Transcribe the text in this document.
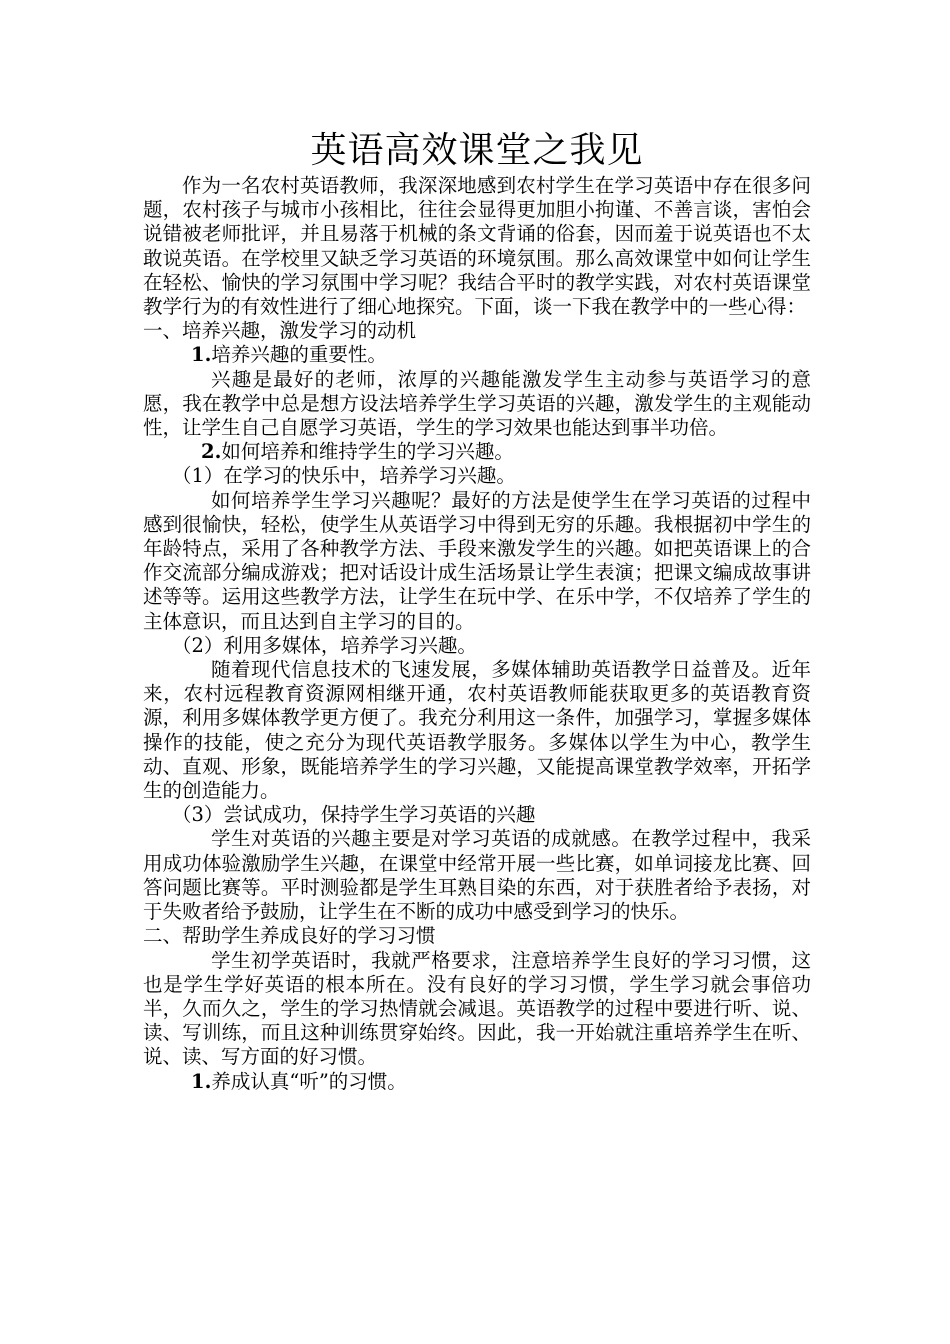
英语高效课堂之我见

作为一名农村英语教师，我深深地感到农村学生在学习英语中存在很多问题，农村孩子与城市小孩相比，往往会显得更加胆小拘谨、不善言谈，害怕会说错被老师批评，并且易落于机械的条文背诵的俗套，因而羞于说英语也不太敢说英语。在学校里又缺乏学习英语的环境氛围。那么高效课堂中如何让学生在轻松、愉快的学习氛围中学习呢？我结合平时的教学实践，对农村英语课堂教学行为的有效性进行了细心地探究。下面，谈一下我在教学中的一些心得：

一、培养兴趣，激发学习的动机

1.培养兴趣的重要性。

兴趣是最好的老师，浓厚的兴趣能激发学生主动参与英语学习的意愿，我在教学中总是想方设法培养学生学习英语的兴趣，激发学生的主观能动性，让学生自己自愿学习英语，学生的学习效果也能达到事半功倍。

2.如何培养和维持学生的学习兴趣。

（1）在学习的快乐中，培养学习兴趣。

如何培养学生学习兴趣呢？最好的方法是使学生在学习英语的过程中感到很愉快，轻松，使学生从英语学习中得到无穷的乐趣。我根据初中学生的年龄特点，采用了各种教学方法、手段来激发学生的兴趣。如把英语课上的合作交流部分编成游戏；把对话设计成生活场景让学生表演；把课文编成故事讲述等等。运用这些教学方法，让学生在玩中学、在乐中学，不仅培养了学生的主体意识，而且达到自主学习的目的。

（2）利用多媒体，培养学习兴趣。

随着现代信息技术的飞速发展，多媒体辅助英语教学日益普及。近年来，农村远程教育资源网相继开通，农村英语教师能获取更多的英语教育资源，利用多媒体教学更方便了。我充分利用这一条件，加强学习，掌握多媒体操作的技能，使之充分为现代英语教学服务。多媒体以学生为中心，教学生动、直观、形象，既能培养学生的学习兴趣，又能提高课堂教学效率，开拓学生的创造能力。

（3）尝试成功，保持学生学习英语的兴趣

学生对英语的兴趣主要是对学习英语的成就感。在教学过程中，我采用成功体验激励学生兴趣，在课堂中经常开展一些比赛，如单词接龙比赛、回答问题比赛等。平时测验都是学生耳熟目染的东西，对于获胜者给予表扬，对于失败者给予鼓励，让学生在不断的成功中感受到学习的快乐。

二、帮助学生养成良好的学习习惯

学生初学英语时，我就严格要求，注意培养学生良好的学习习惯，这也是学生学好英语的根本所在。没有良好的学习习惯，学生学习就会事倍功半，久而久之，学生的学习热情就会减退。英语教学的过程中要进行听、说、读、写训练，而且这种训练贯穿始终。因此，我一开始就注重培养学生在听、说、读、写方面的好习惯。

1.养成认真“听”的习惯。
